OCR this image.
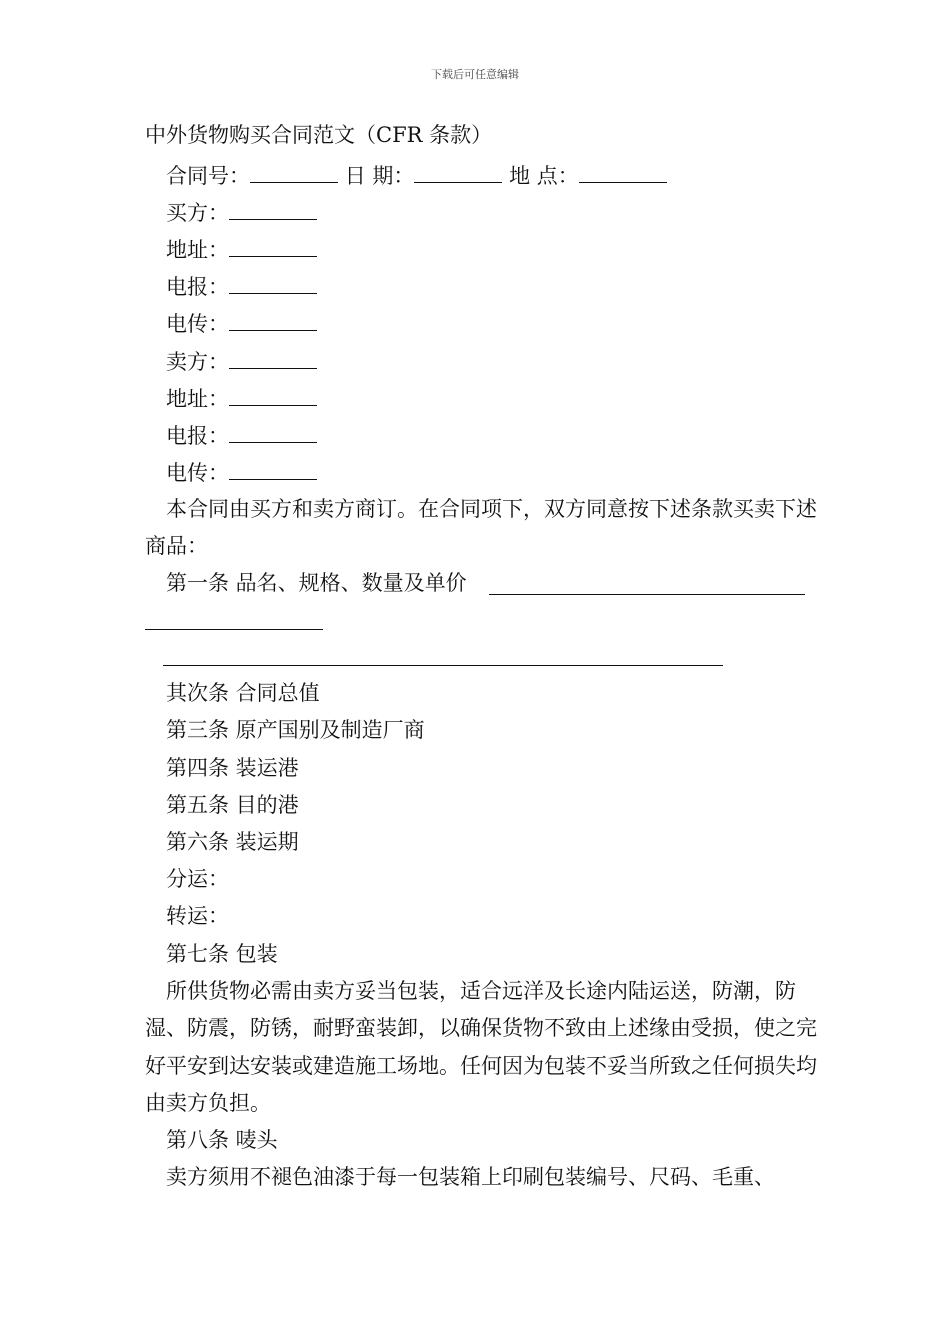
下载后可任意编辑
中外货物购买合同范文（CFR 条款）
合同号：	日 期：	地 点：
买方：
地址：
电报：
电传：
卖方：
地址：
电报：
电传：
本合同由买方和卖方商订。在合同项下，双方同意按下述条款买卖下述商品：
第一条 品名、规格、数量及单价
其次条 合同总值
第三条 原产国别及制造厂商
第四条 装运港
第五条 目的港
第六条 装运期
分运：
转运：
第七条 包装
所供货物必需由卖方妥当包装，适合远洋及长途内陆运送，防潮，防湿、防震，防锈，耐野蛮装卸，以确保货物不致由上述缘由受损，使之完好平安到达安装或建造施工场地。任何因为包装不妥当所致之任何损失均由卖方负担。
第八条 唛头
卖方须用不褪色油漆于每一包装箱上印刷包装编号、尺码、毛重、
